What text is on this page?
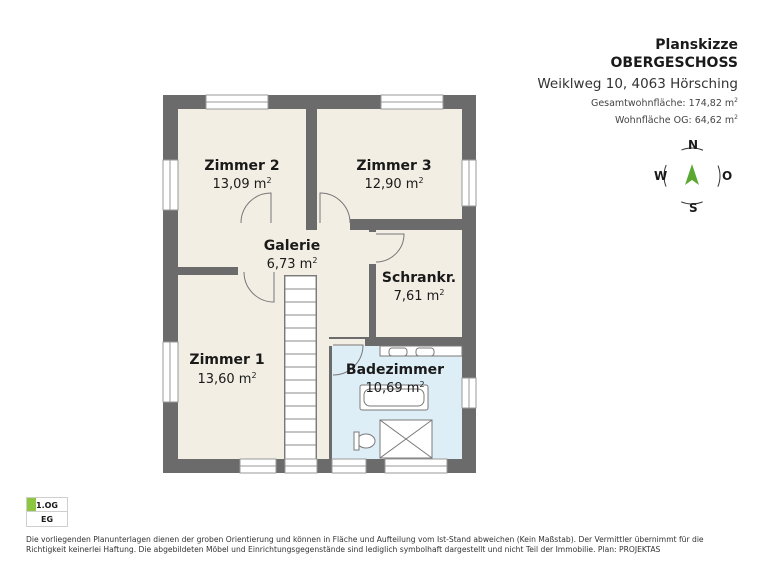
Zimmer 2
13,09 $m^2$
Zimmer 3
12,90 $m^2$
Galerie
6,73 $m^2$
Schrankr.
7,61 $m^2$
Zimmer 1
13,60 $m^2$	Badezimmer
10,69 $m^2$
Planskizze
OBERGESCHOSS
Weiklweg 10, 4063 Hörsching
Gesamtwohnfläche: 174,82 $m^2$
Wohnfläche OG: 64,62 $m^2$
N
S
W	O
1.OG
EG
Die vorliegenden Planunterlagen dienen der groben Orientierung und können in Fläche und Aufteilung vom Ist-Stand abweichen (Kein Maßstab). Der Vermittler übernimmt für die Richtigkeit keinerlei Haftung. Die abgebildeten Möbel und Einrichtungsgegenstände sind lediglich symbolhaft dargestellt und nicht Teil der Immobilie. Plan: PROJEKTAS
